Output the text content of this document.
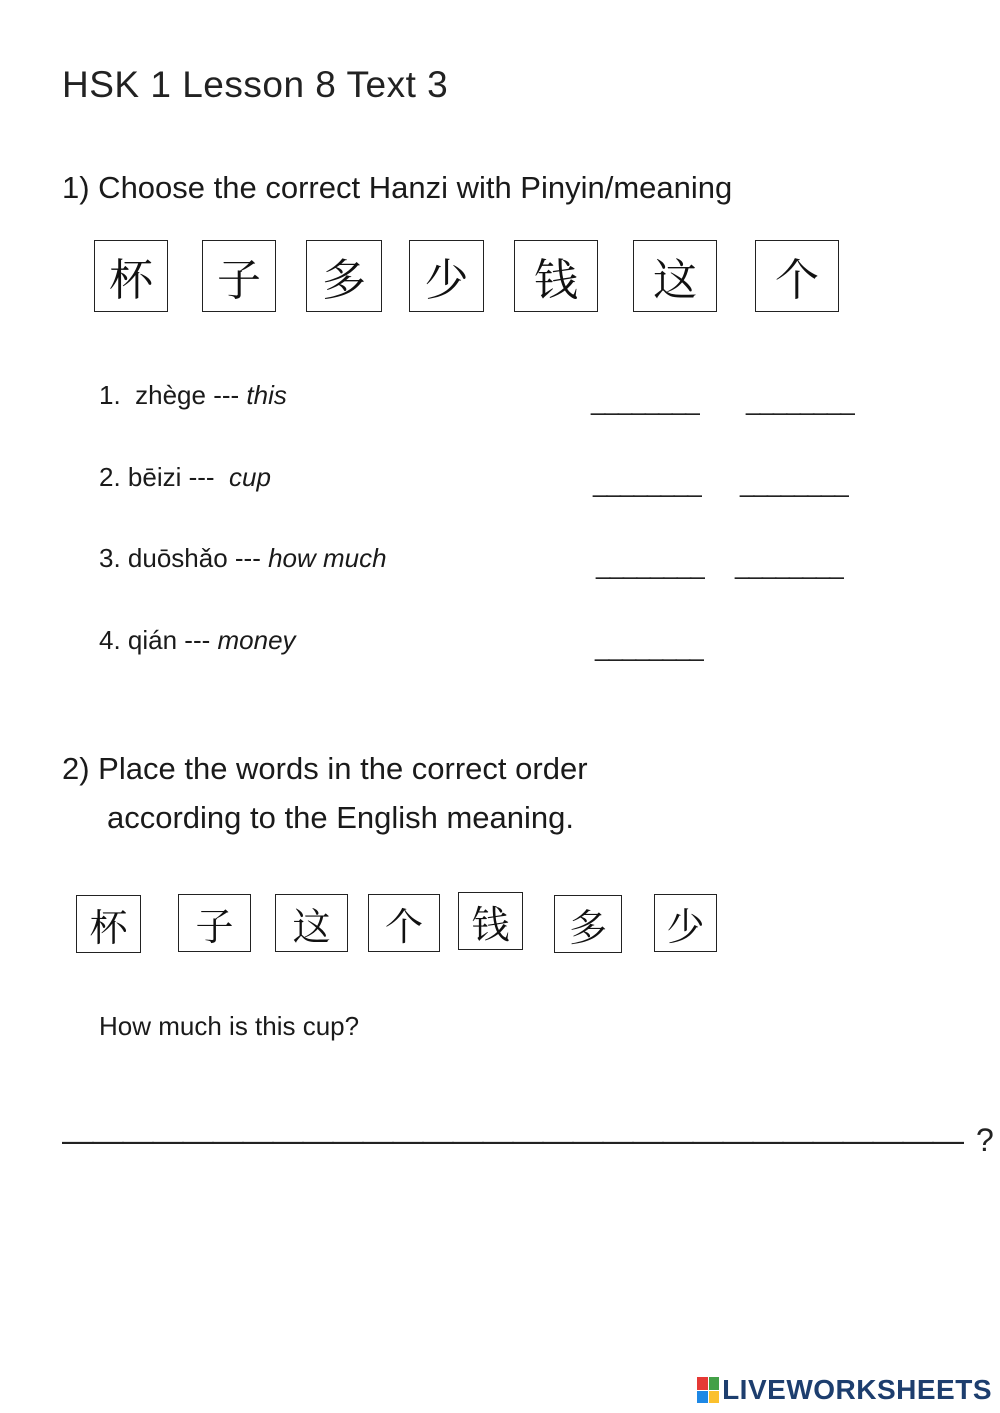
HSK 1 Lesson 8 Text 3
1) Choose the correct Hanzi with Pinyin/meaning
杯	子	多	少	钱	这	个
1.  zhège --- this	________ ________
2. bēizi ---  cup	________ ________
3. duōshǎo --- how much	________ ________
4. qián --- money	________
2) Place the words in the correct order
according to the English meaning.
杯	子	这	个	钱	多	少
How much is this cup?
—————————————————————————————— ?
LIVEWORKSHEETS
